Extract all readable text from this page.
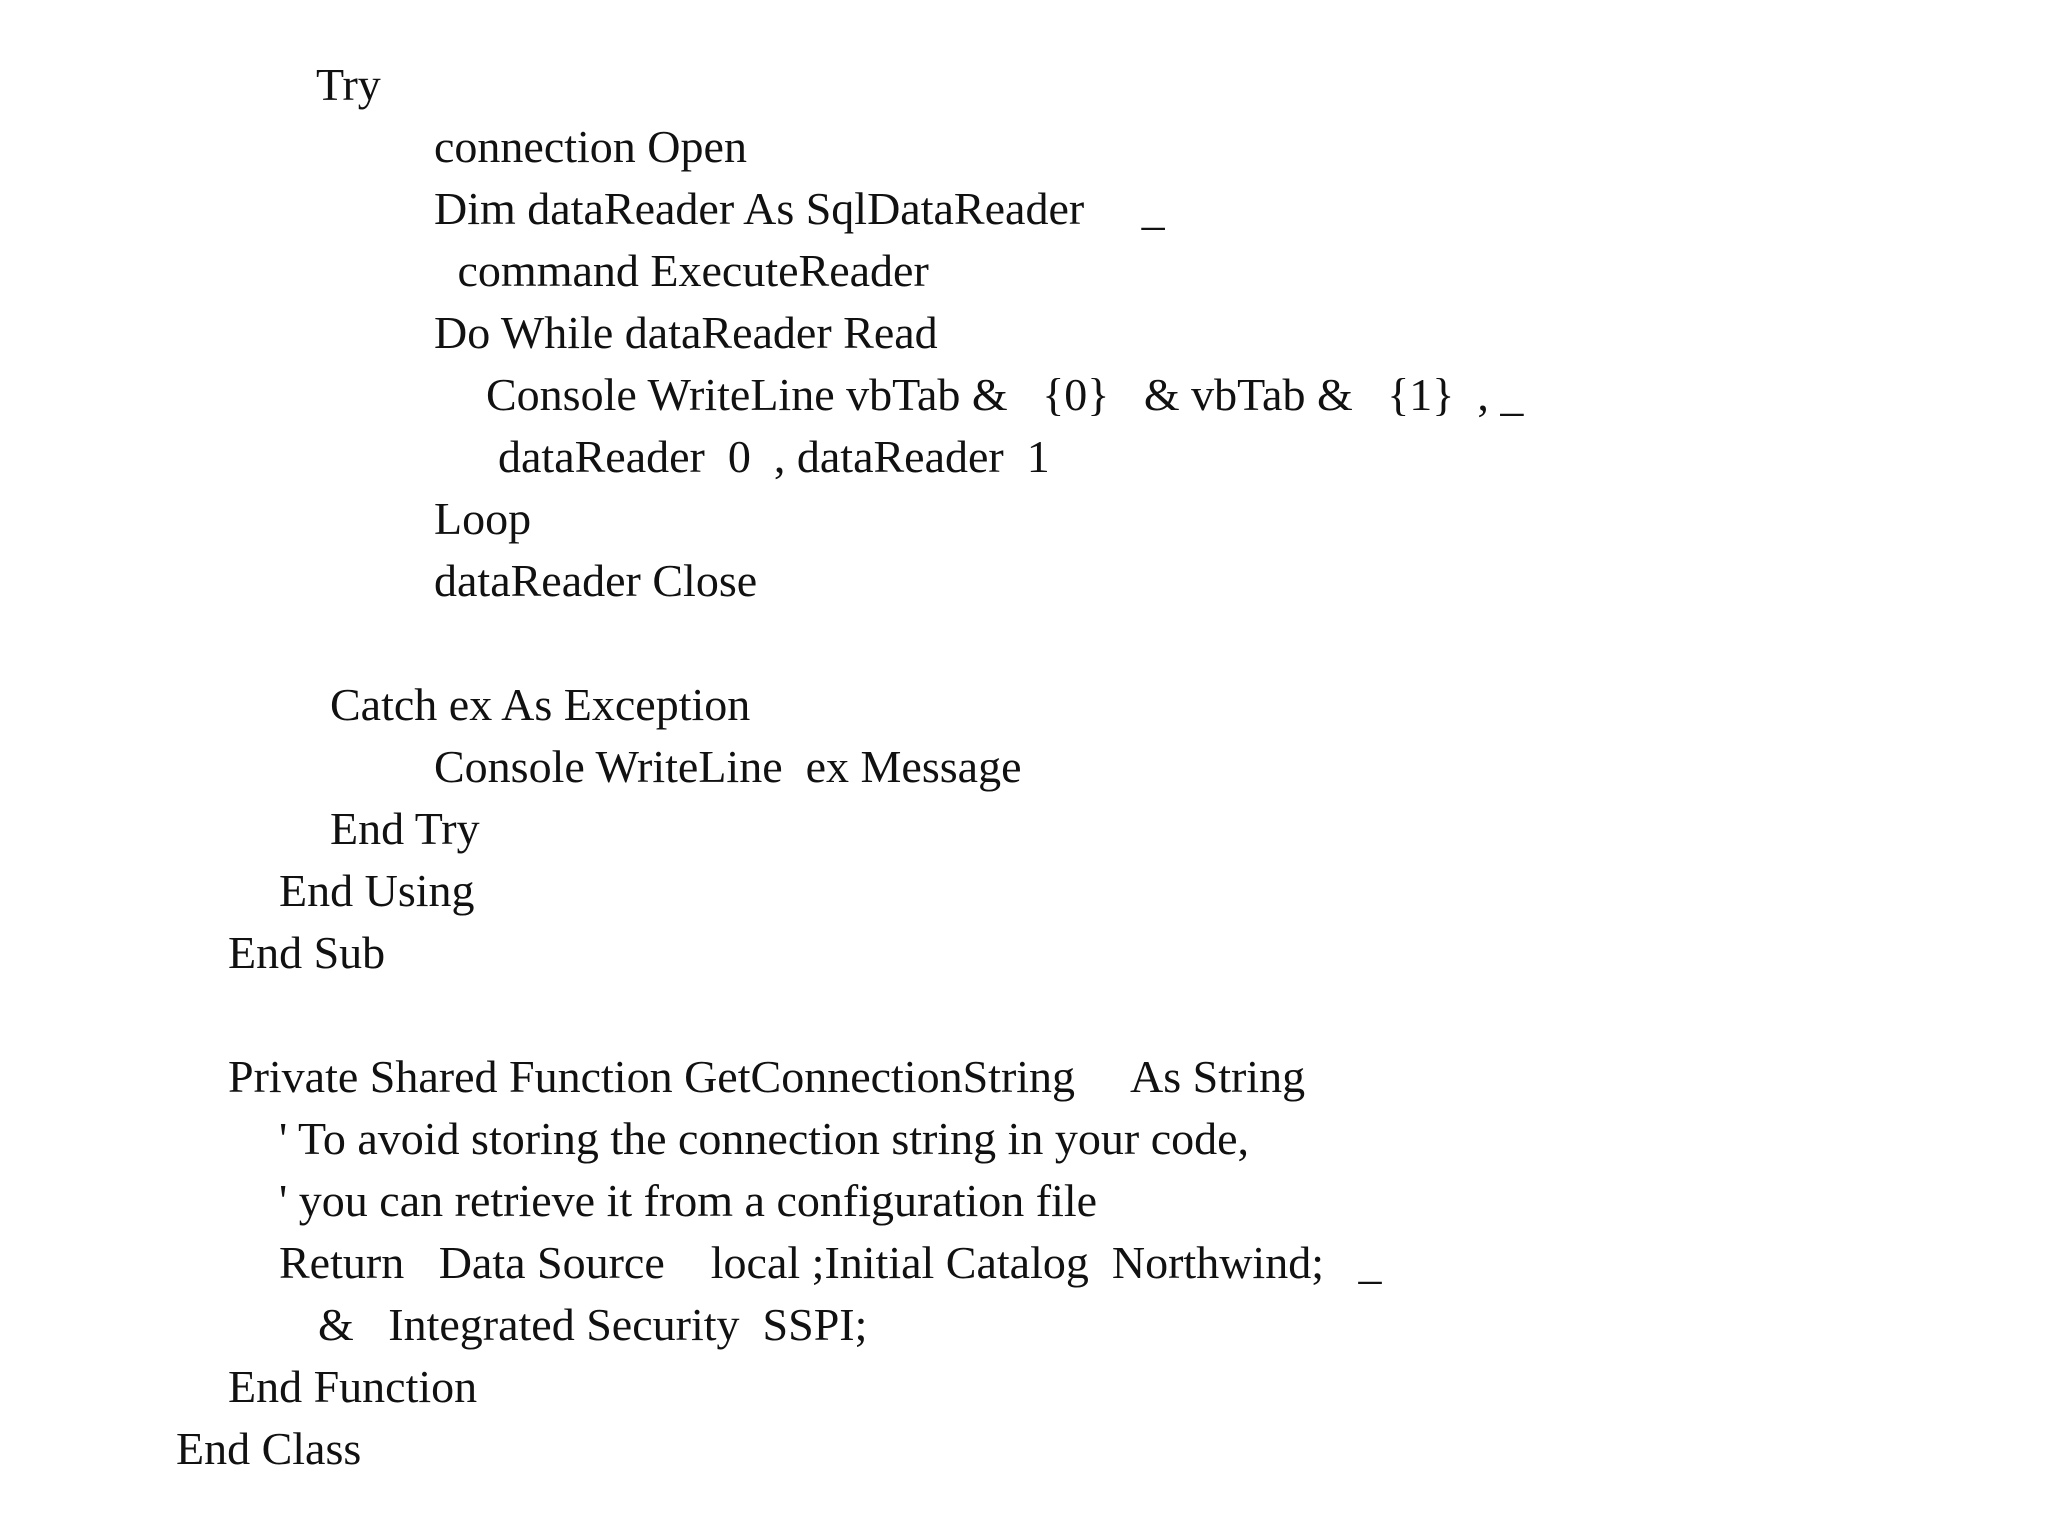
Try
connection Open
Dim dataReader As SqlDataReader     _
command ExecuteReader
Do While dataReader Read
Console WriteLine vbTab &   {0}   & vbTab &   {1}  , _
dataReader  0  , dataReader  1
Loop
dataReader Close
Catch ex As Exception
Console WriteLine  ex Message
End Try
End Using
End Sub
Private Shared Function GetConnectionString     As String
' To avoid storing the connection string in your code,
' you can retrieve it from a configuration file
Return   Data Source    local ;Initial Catalog  Northwind;   _
&   Integrated Security  SSPI;
End Function
End Class
